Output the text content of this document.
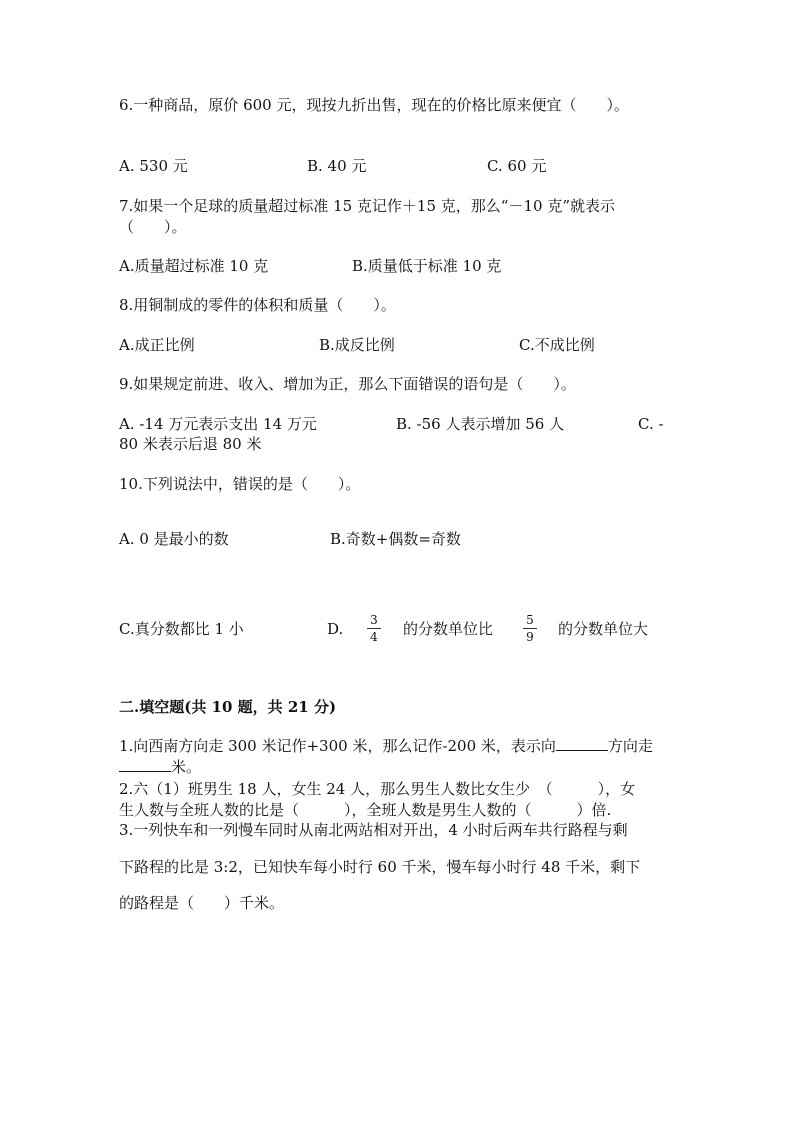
6.一种商品，原价 600 元，现按九折出售，现在的价格比原来便宜（　　）。
A. 530 元	B. 40 元	C. 60 元
7.如果一个足球的质量超过标准 15 克记作＋15 克，那么“－10 克”就表示
（　　）。
A.质量超过标准 10 克	B.质量低于标准 10 克
8.用铜制成的零件的体积和质量（　　）。
A.成正比例	B.成反比例	C.不成比例
9.如果规定前进、收入、增加为正，那么下面错误的语句是（　　）。
A. -14 万元表示支出 14 万元	B. -56 人表示增加 56 人	C. -
80 米表示后退 80 米
10.下列说法中，错误的是（　　）。
A. 0 是最小的数	B.奇数+偶数=奇数
C.真分数都比 1 小	D. $\frac{3}{4}$ 的分数单位比 $\frac{5}{9}$ 的分数单位大
二.填空题(共 10 题，共 21 分)
1.向西南方向走 300 米记作+300 米，那么记作-200 米，表示向	方向走
米。
2.六（1）班男生 18 人，女生 24 人，那么男生人数比女生少　（　　　），女
生人数与全班人数的比是（　　　），全班人数是男生人数的（　　　）倍.
3.一列快车和一列慢车同时从南北两站相对开出，4 小时后两车共行路程与剩
下路程的比是 3:2，已知快车每小时行 60 千米，慢车每小时行 48 千米，剩下
的路程是（　　）千米。
